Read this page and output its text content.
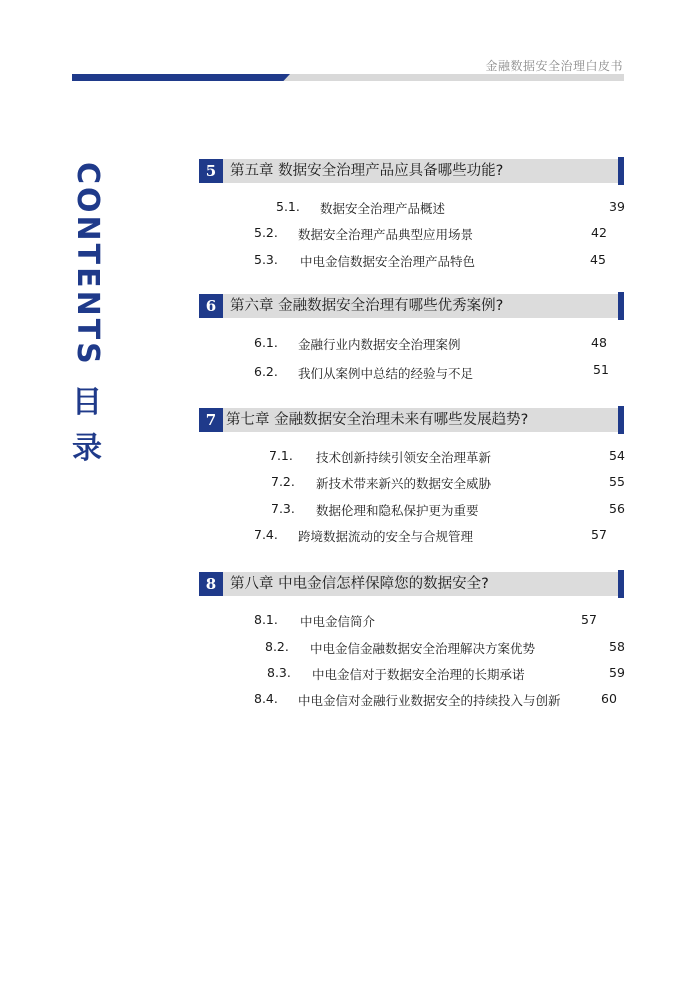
金融数据安全治理白皮书
CONTENTS
目
录
5 第五章 数据安全治理产品应具备哪些功能?
5.1. 数据安全治理产品概述	39
5.2. 数据安全治理产品典型应用场景	42
5.3. 中电金信数据安全治理产品特色	45
6 第六章 金融数据安全治理有哪些优秀案例?
6.1. 金融行业内数据安全治理案例	48
6.2. 我们从案例中总结的经验与不足	51
7 第七章 金融数据安全治理未来有哪些发展趋势?
7.1. 技术创新持续引领安全治理革新	54
7.2. 新技术带来新兴的数据安全威胁	55
7.3. 数据伦理和隐私保护更为重要	56
7.4. 跨境数据流动的安全与合规管理	57
8 第八章 中电金信怎样保障您的数据安全?
8.1. 中电金信简介	57
8.2. 中电金信金融数据安全治理解决方案优势	58
8.3. 中电金信对于数据安全治理的长期承诺	59
8.4. 中电金信对金融行业数据安全的持续投入与创新	60
